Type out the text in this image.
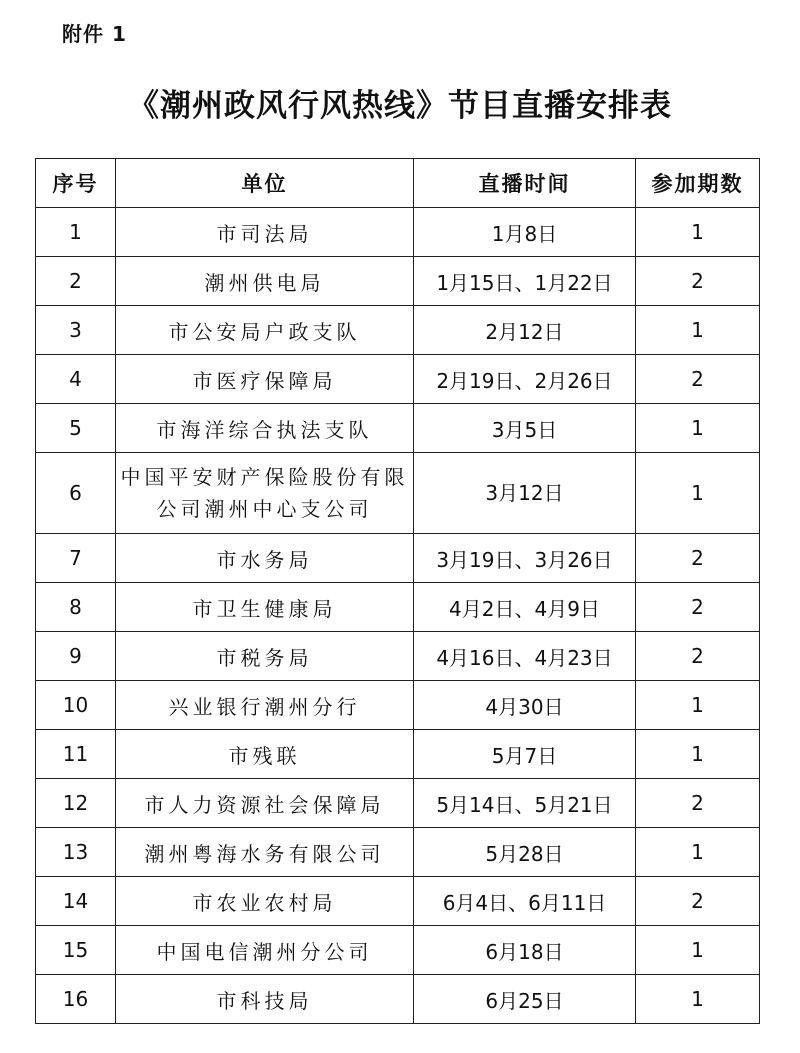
附件 1
《潮州政风行风热线》节目直播安排表
序号	单位	直播时间	参加期数
1	市司法局	1月8日	1
2	潮州供电局	1月15日、1月22日	2
3	市公安局户政支队	2月12日	1
4	市医疗保障局	2月19日、2月26日	2
5	市海洋综合执法支队	3月5日	1
6	中国平安财产保险股份有限公司潮州中心支公司	3月12日	1
7	市水务局	3月19日、3月26日	2
8	市卫生健康局	4月2日、4月9日	2
9	市税务局	4月16日、4月23日	2
10	兴业银行潮州分行	4月30日	1
11	市残联	5月7日	1
12	市人力资源社会保障局	5月14日、5月21日	2
13	潮州粤海水务有限公司	5月28日	1
14	市农业农村局	6月4日、6月11日	2
15	中国电信潮州分公司	6月18日	1
16	市科技局	6月25日	1
